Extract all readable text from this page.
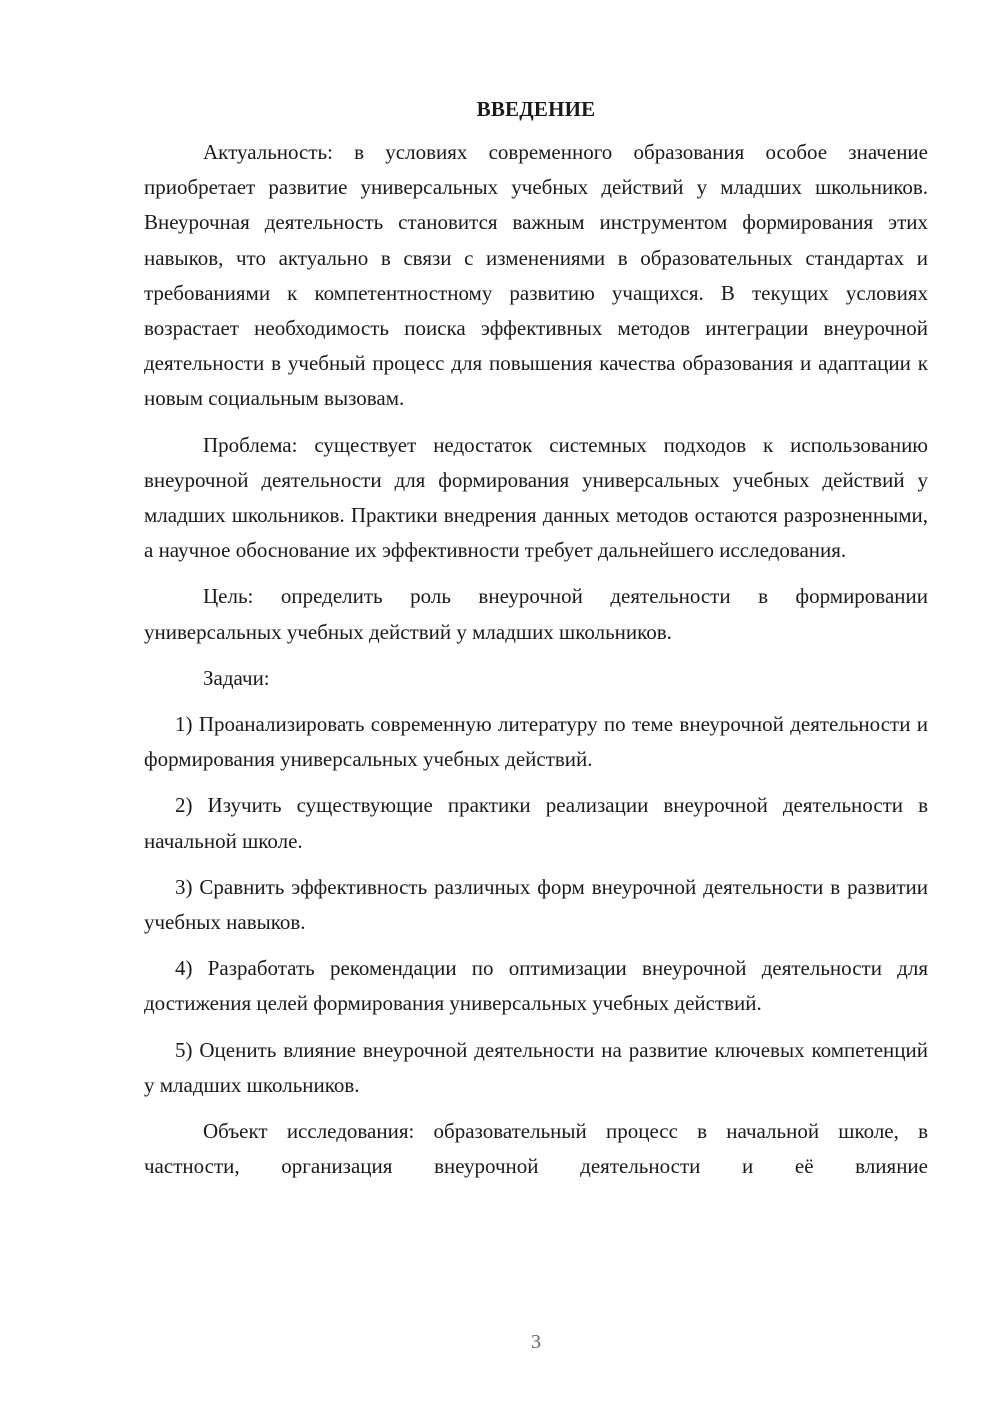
ВВЕДЕНИЕ

Актуальность: в условиях современного образования особое значение приобретает развитие универсальных учебных действий у младших школьников. Внеурочная деятельность становится важным инструментом формирования этих навыков, что актуально в связи с изменениями в образовательных стандартах и требованиями к компетентностному развитию учащихся. В текущих условиях возрастает необходимость поиска эффективных методов интеграции внеурочной деятельности в учебный процесс для повышения качества образования и адаптации к новым социальным вызовам.

Проблема: существует недостаток системных подходов к использованию внеурочной деятельности для формирования универсальных учебных действий у младших школьников. Практики внедрения данных методов остаются разрозненными, а научное обоснование их эффективности требует дальнейшего исследования.

Цель: определить роль внеурочной деятельности в формировании универсальных учебных действий у младших школьников.

Задачи:

1) Проанализировать современную литературу по теме внеурочной деятельности и формирования универсальных учебных действий.

2) Изучить существующие практики реализации внеурочной деятельности в начальной школе.

3) Сравнить эффективность различных форм внеурочной деятельности в развитии учебных навыков.

4) Разработать рекомендации по оптимизации внеурочной деятельности для достижения целей формирования универсальных учебных действий.

5) Оценить влияние внеурочной деятельности на развитие ключевых компетенций у младших школьников.

Объект исследования: образовательный процесс в начальной школе, в частности, организация внеурочной деятельности и её влияние

3
